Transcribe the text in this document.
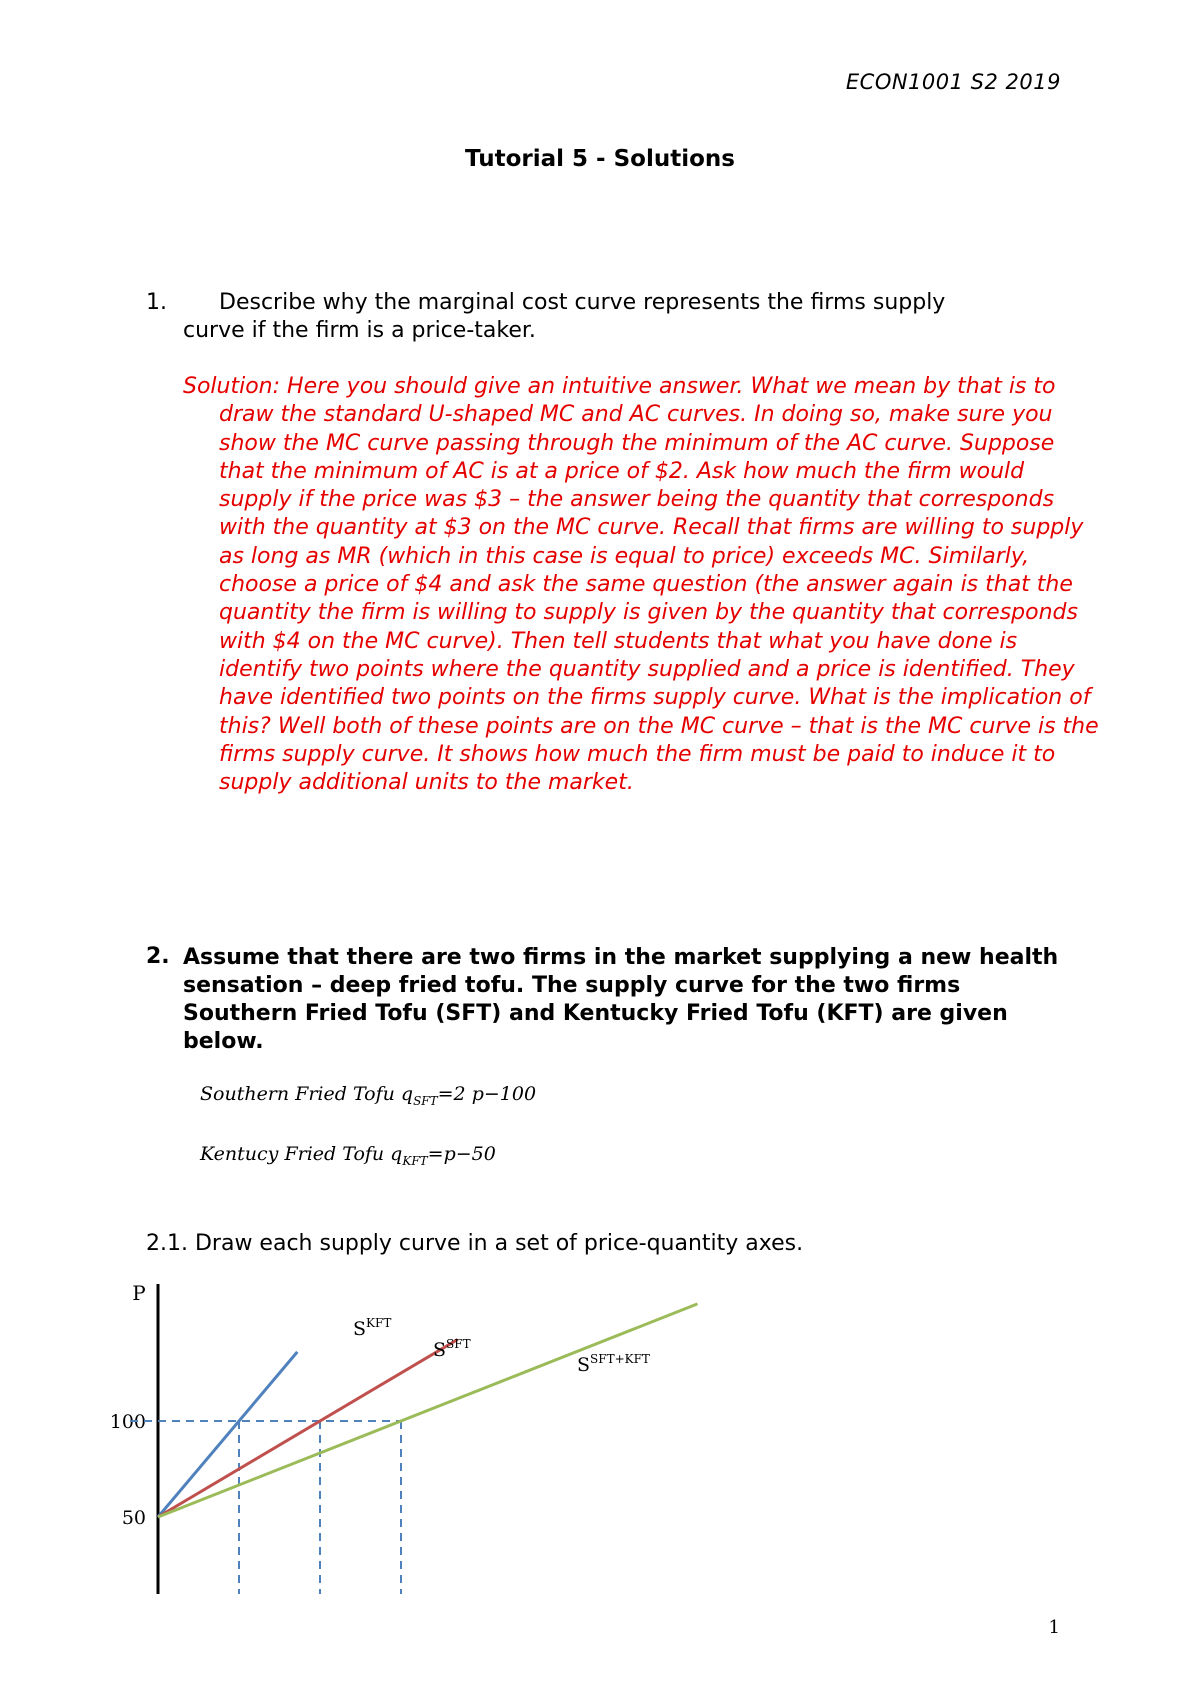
ECON1001 S2 2019
Tutorial 5 - Solutions
1. Describe why the marginal cost curve represents the firms supply
curve if the firm is a price-taker.

Solution: Here you should give an intuitive answer. What we mean by that is to draw the standard U-shaped MC and AC curves. In doing so, make sure you show the MC curve passing through the minimum of the AC curve. Suppose that the minimum of AC is at a price of $2. Ask how much the firm would supply if the price was $3 – the answer being the quantity that corresponds with the quantity at $3 on the MC curve. Recall that firms are willing to supply as long as MR (which in this case is equal to price) exceeds MC. Similarly, choose a price of $4 and ask the same question (the answer again is that the quantity the firm is willing to supply is given by the quantity that corresponds with $4 on the MC curve). Then tell students that what you have done is identify two points where the quantity supplied and a price is identified. They have identified two points on the firms supply curve. What is the implication of this? Well both of these points are on the MC curve – that is the MC curve is the firms supply curve. It shows how much the firm must be paid to induce it to supply additional units to the market.

2. Assume that there are two firms in the market supplying a new health
sensation – deep fried tofu. The supply curve for the two firms
Southern Fried Tofu (SFT) and Kentucky Fried Tofu (KFT) are given
below.
Southern Fried Tofu $q_{SFT}=2$ p−100
Kentucy Fried Tofu $q_{KFT}=p-50$
2.1. Draw each supply curve in a set of price-quantity axes.
P
100
50
$S^{KFT}$
$S^{SFT}$
$S^{SFT+KFT}$
1
